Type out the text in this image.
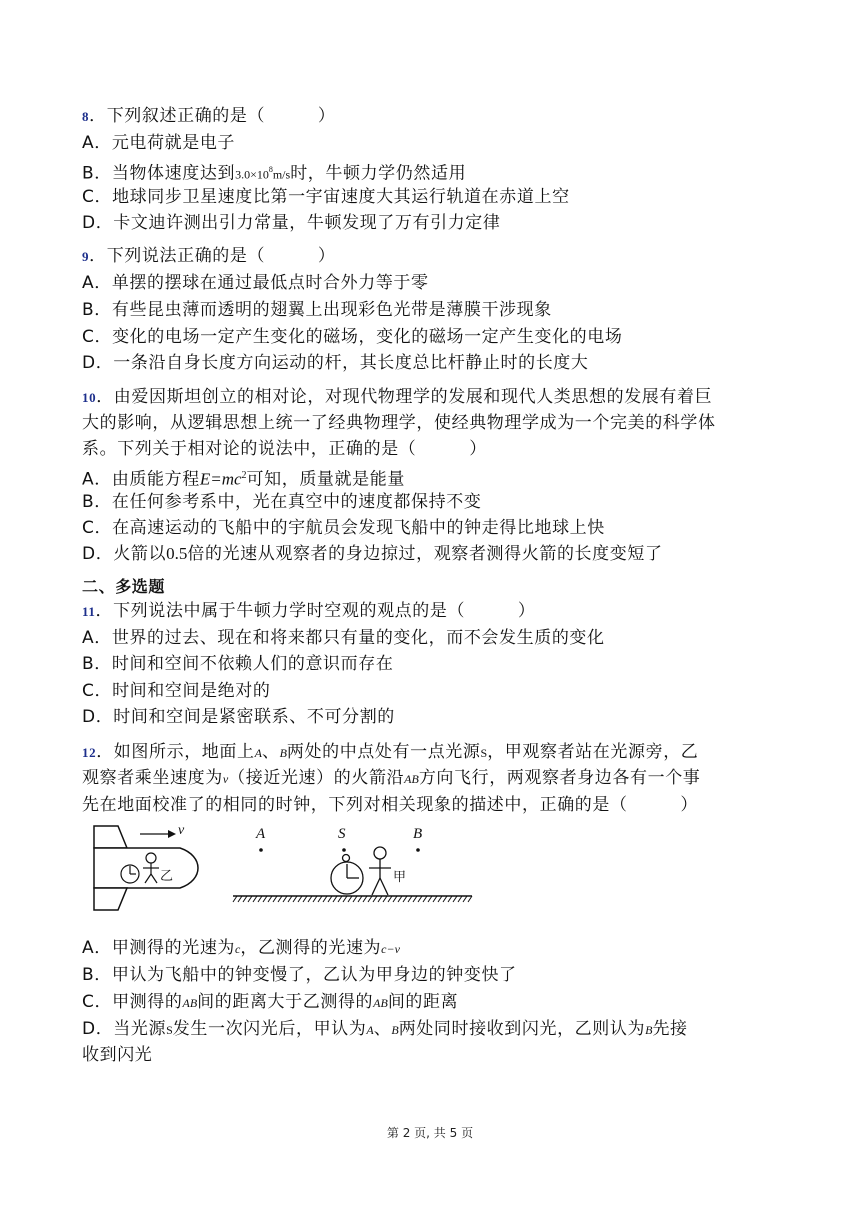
8．下列叙述正确的是（　　　）
A．元电荷就是电子
B．当物体速度达到$3.0\times 10^8m/s$时，牛顿力学仍然适用
C．地球同步卫星速度比第一宇宙速度大其运行轨道在赤道上空
D．卡文迪许测出引力常量，牛顿发现了万有引力定律
9．下列说法正确的是（　　　）
A．单摆的摆球在通过最低点时合外力等于零
B．有些昆虫薄而透明的翅翼上出现彩色光带是薄膜干涉现象
C．变化的电场一定产生变化的磁场，变化的磁场一定产生变化的电场
D．一条沿自身长度方向运动的杆，其长度总比杆静止时的长度大
10．由爱因斯坦创立的相对论，对现代物理学的发展和现代人类思想的发展有着巨
大的影响，从逻辑思想上统一了经典物理学，使经典物理学成为一个完美的科学体
系。下列关于相对论的说法中，正确的是（　　　）
A．由质能方程$E=mc^2$可知，质量就是能量
B．在任何参考系中，光在真空中的速度都保持不变
C．在高速运动的飞船中的宇航员会发现飞船中的钟走得比地球上快
D．火箭以0.5倍的光速从观察者的身边掠过，观察者测得火箭的长度变短了
二、多选题
11．下列说法中属于牛顿力学时空观的观点的是（　　　）
A．世界的过去、现在和将来都只有量的变化，而不会发生质的变化
B．时间和空间不依赖人们的意识而存在
C．时间和空间是绝对的
D．时间和空间是紧密联系、不可分割的
12．如图所示，地面上A、B两处的中点处有一点光源S，甲观察者站在光源旁，乙
观察者乘坐速度为v（接近光速）的火箭沿AB方向飞行，两观察者身边各有一个事
先在地面校准了的相同的时钟，下列对相关现象的描述中，正确的是（　　　）
v
乙
A	S	B
甲
A．甲测得的光速为c，乙测得的光速为c−v
B．甲认为飞船中的钟变慢了，乙认为甲身边的钟变快了
C．甲测得的AB间的距离大于乙测得的AB间的距离
D．当光源S发生一次闪光后，甲认为A、B两处同时接收到闪光，乙则认为B先接
收到闪光
第 2 页, 共 5 页
